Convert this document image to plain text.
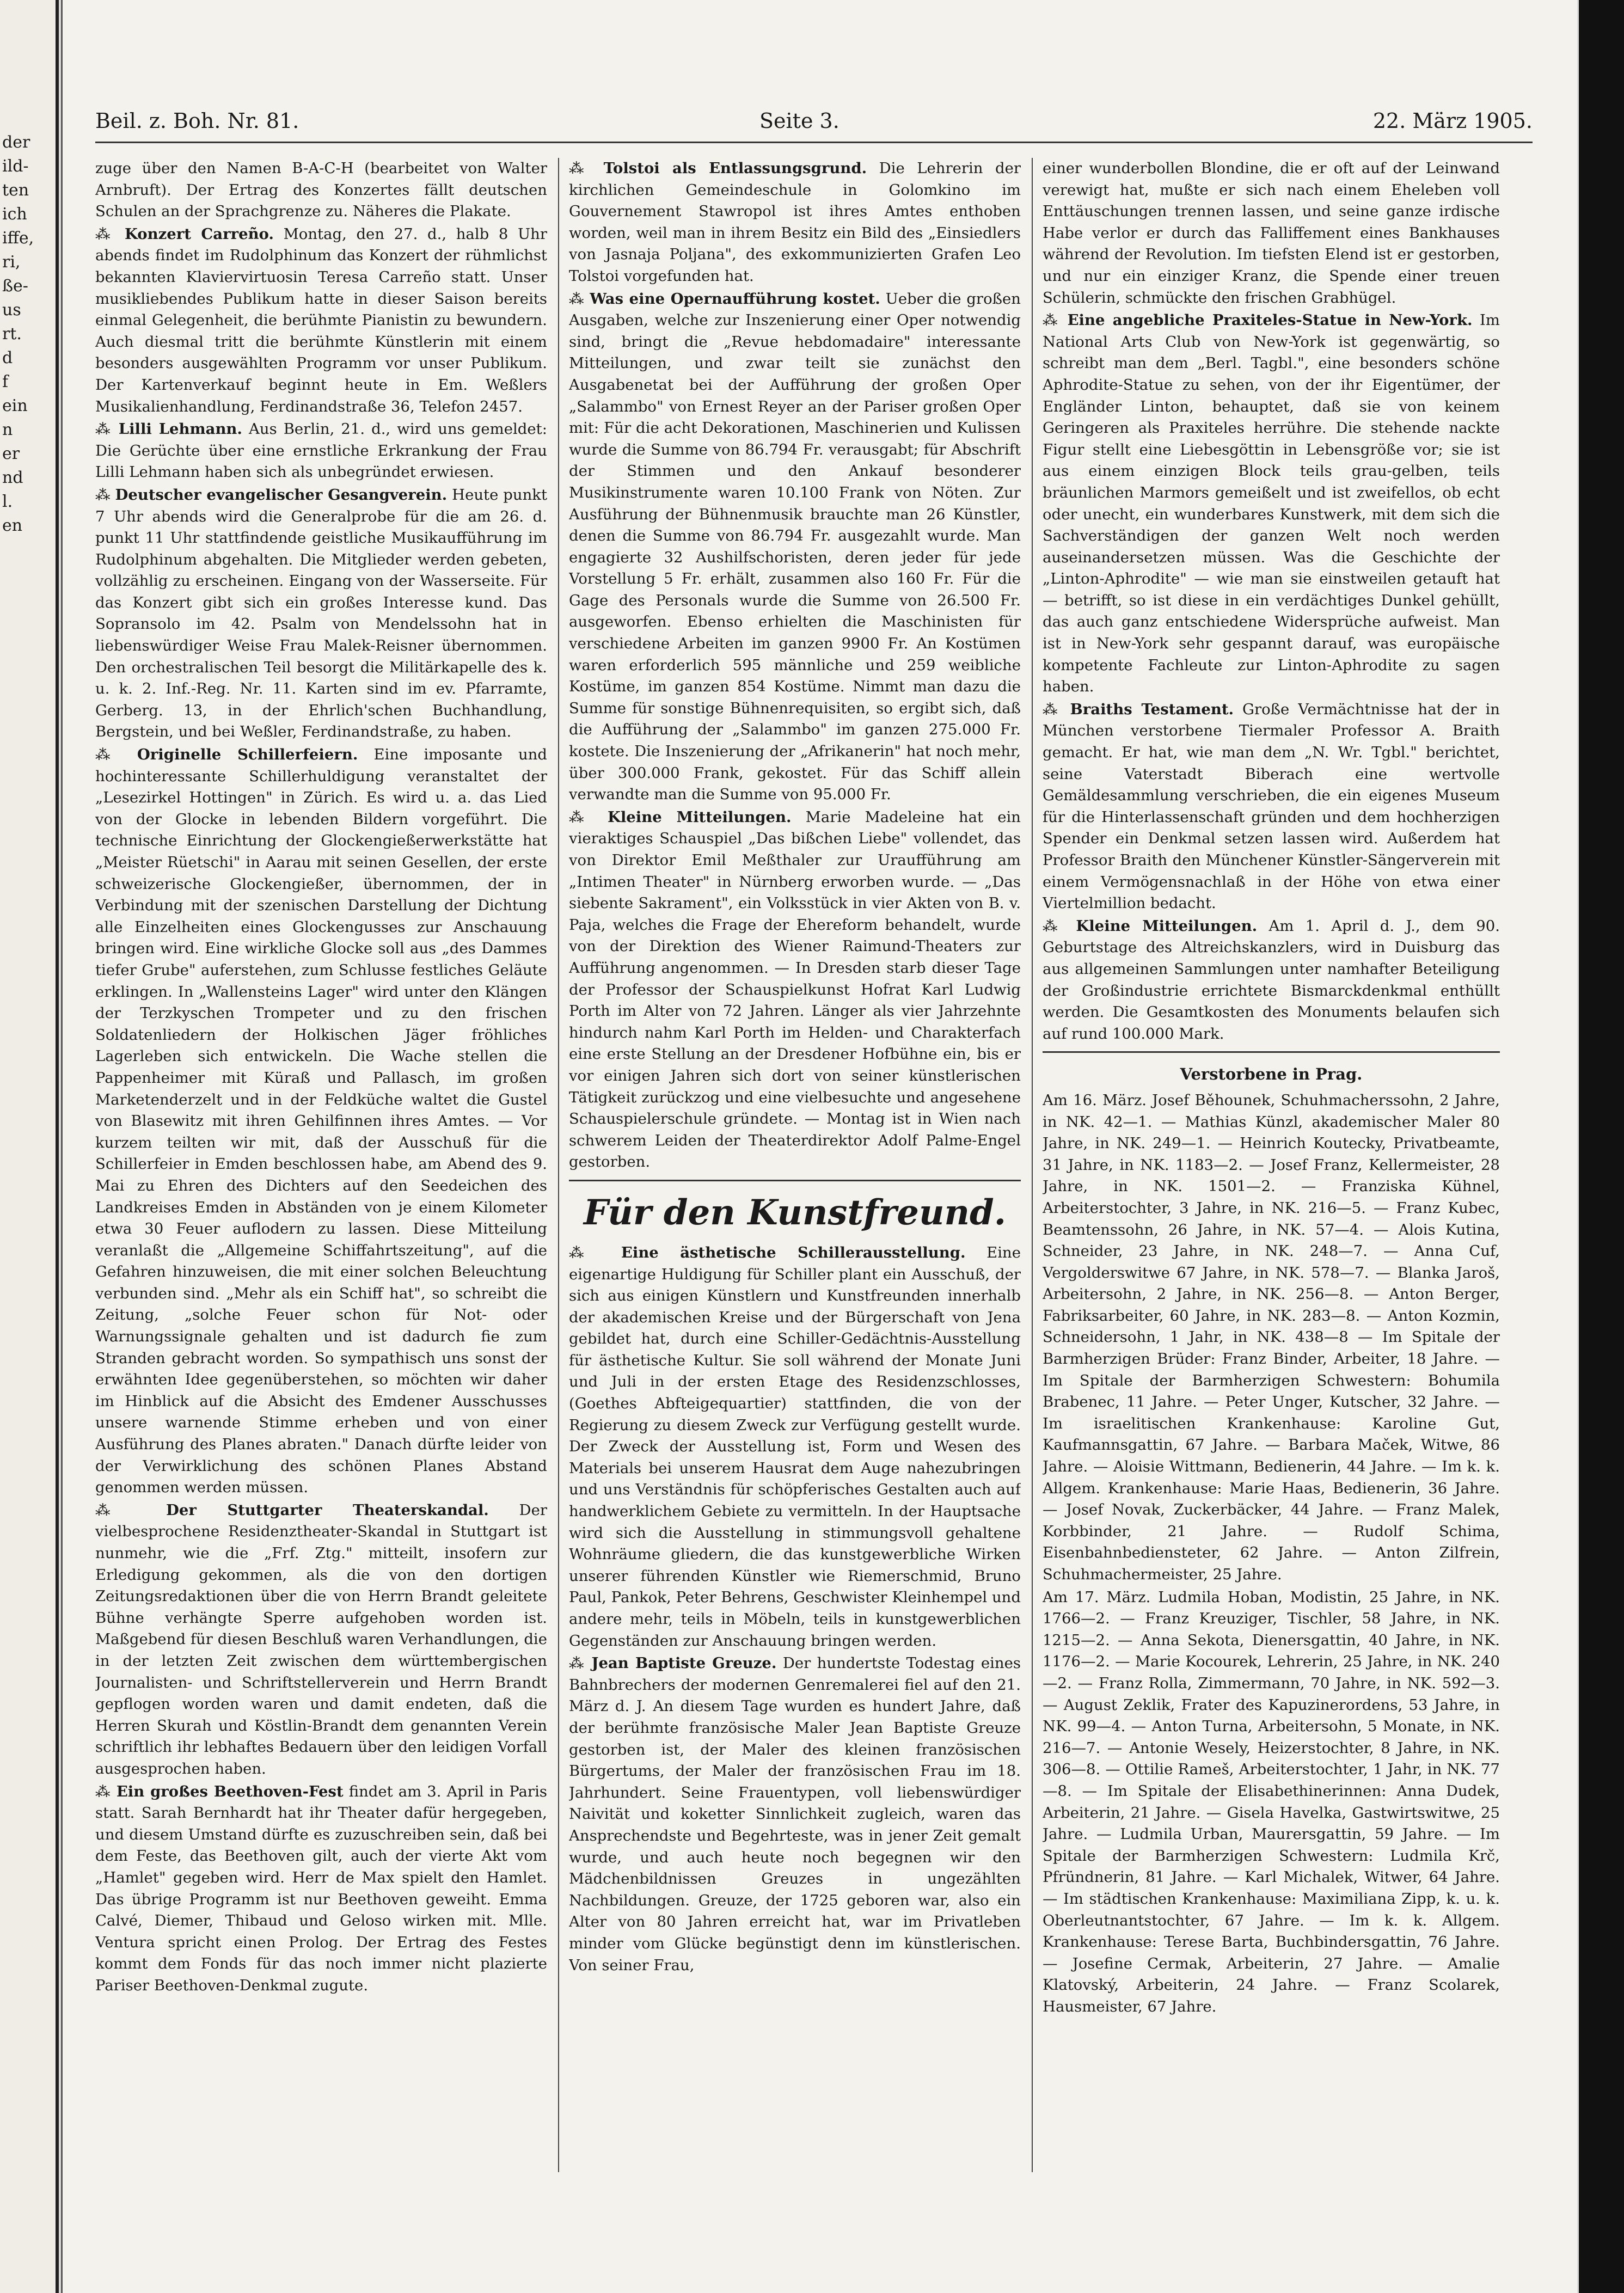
der
ild-
ten
ich
iffe,
ri,
ße-
us
rt.
d
f
ein
n
er
nd
l.
en
Beil. z. Boh. Nr. 81.	Seite 3.	22. März 1905.

zuge über den Namen B-A-C-H (bearbeitet von Walter Arnbruft). Der Ertrag des Konzertes fällt deutschen Schulen an der Sprachgrenze zu. Näheres die Plakate.

⁂ Konzert Carreño. Montag, den 27. d., halb 8 Uhr abends findet im Rudolphinum das Konzert der rühmlichst bekannten Klaviervirtuosin Teresa Carreño statt. Unser musikliebendes Publikum hatte in dieser Saison bereits einmal Gelegenheit, die berühmte Pianistin zu bewundern. Auch diesmal tritt die berühmte Künstlerin mit einem besonders ausgewählten Programm vor unser Publikum. Der Kartenverkauf beginnt heute in Em. Weßlers Musikalienhandlung, Ferdinandstraße 36, Telefon 2457.

⁂ Lilli Lehmann. Aus Berlin, 21. d., wird uns gemeldet: Die Gerüchte über eine ernstliche Erkrankung der Frau Lilli Lehmann haben sich als unbegründet erwiesen.

⁂ Deutscher evangelischer Gesangverein. Heute punkt 7 Uhr abends wird die Generalprobe für die am 26. d. punkt 11 Uhr stattfindende geistliche Musikaufführung im Rudolphinum abgehalten. Die Mitglieder werden gebeten, vollzählig zu erscheinen. Eingang von der Wasserseite. Für das Konzert gibt sich ein großes Interesse kund. Das Sopransolo im 42. Psalm von Mendelssohn hat in liebenswürdiger Weise Frau Malek-Reisner übernommen. Den orchestralischen Teil besorgt die Militärkapelle des k. u. k. 2. Inf.-Reg. Nr. 11. Karten sind im ev. Pfarramte, Gerberg. 13, in der Ehrlich'schen Buchhandlung, Bergstein, und bei Weßler, Ferdinandstraße, zu haben.

⁂ Originelle Schillerfeiern. Eine imposante und hochinteressante Schillerhuldigung veranstaltet der „Lesezirkel Hottingen" in Zürich. Es wird u. a. das Lied von der Glocke in lebenden Bildern vorgeführt. Die technische Einrichtung der Glockengießerwerkstätte hat „Meister Rüetschi" in Aarau mit seinen Gesellen, der erste schweizerische Glockengießer, übernommen, der in Verbindung mit der szenischen Darstellung der Dichtung alle Einzelheiten eines Glockengusses zur Anschauung bringen wird. Eine wirkliche Glocke soll aus „des Dammes tiefer Grube" auferstehen, zum Schlusse festliches Geläute erklingen. In „Wallensteins Lager" wird unter den Klängen der Terzkyschen Trompeter und zu den frischen Soldatenliedern der Holkischen Jäger fröhliches Lagerleben sich entwickeln. Die Wache stellen die Pappenheimer mit Küraß und Pallasch, im großen Marketenderzelt und in der Feldküche waltet die Gustel von Blasewitz mit ihren Gehilfinnen ihres Amtes. — Vor kurzem teilten wir mit, daß der Ausschuß für die Schillerfeier in Emden beschlossen habe, am Abend des 9. Mai zu Ehren des Dichters auf den Seedeichen des Landkreises Emden in Abständen von je einem Kilometer etwa 30 Feuer auflodern zu lassen. Diese Mitteilung veranlaßt die „Allgemeine Schiffahrtszeitung", auf die Gefahren hinzuweisen, die mit einer solchen Beleuchtung verbunden sind. „Mehr als ein Schiff hat", so schreibt die Zeitung, „solche Feuer schon für Not- oder Warnungssignale gehalten und ist dadurch fie zum Stranden gebracht worden. So sympathisch uns sonst der erwähnten Idee gegenüberstehen, so möchten wir daher im Hinblick auf die Absicht des Emdener Ausschusses unsere warnende Stimme erheben und von einer Ausführung des Planes abraten." Danach dürfte leider von der Verwirklichung des schönen Planes Abstand genommen werden müssen.

⁂ Der Stuttgarter Theaterskandal. Der vielbesprochene Residenztheater-Skandal in Stuttgart ist nunmehr, wie die „Frf. Ztg." mitteilt, insofern zur Erledigung gekommen, als die von den dortigen Zeitungsredaktionen über die von Herrn Brandt geleitete Bühne verhängte Sperre aufgehoben worden ist. Maßgebend für diesen Beschluß waren Verhandlungen, die in der letzten Zeit zwischen dem württembergischen Journalisten- und Schriftstellerverein und Herrn Brandt gepflogen worden waren und damit endeten, daß die Herren Skurah und Köstlin-Brandt dem genannten Verein schriftlich ihr lebhaftes Bedauern über den leidigen Vorfall ausgesprochen haben.

⁂ Ein großes Beethoven-Fest findet am 3. April in Paris statt. Sarah Bernhardt hat ihr Theater dafür hergegeben, und diesem Umstand dürfte es zuzuschreiben sein, daß bei dem Feste, das Beethoven gilt, auch der vierte Akt vom „Hamlet" gegeben wird. Herr de Max spielt den Hamlet. Das übrige Programm ist nur Beethoven geweiht. Emma Calvé, Diemer, Thibaud und Geloso wirken mit. Mlle. Ventura spricht einen Prolog. Der Ertrag des Festes kommt dem Fonds für das noch immer nicht plazierte Pariser Beethoven-Denkmal zugute.

⁂ Tolstoi als Entlassungsgrund. Die Lehrerin der kirchlichen Gemeindeschule in Golomkino im Gouvernement Stawropol ist ihres Amtes enthoben worden, weil man in ihrem Besitz ein Bild des „Einsiedlers von Jasnaja Poljana", des exkommunizierten Grafen Leo Tolstoi vorgefunden hat.

⁂ Was eine Opernaufführung kostet. Ueber die großen Ausgaben, welche zur Inszenierung einer Oper notwendig sind, bringt die „Revue hebdomadaire" interessante Mitteilungen, und zwar teilt sie zunächst den Ausgabenetat bei der Aufführung der großen Oper „Salammbo" von Ernest Reyer an der Pariser großen Oper mit: Für die acht Dekorationen, Maschinerien und Kulissen wurde die Summe von 86.794 Fr. verausgabt; für Abschrift der Stimmen und den Ankauf besonderer Musikinstrumente waren 10.100 Frank von Nöten. Zur Ausführung der Bühnenmusik brauchte man 26 Künstler, denen die Summe von 86.794 Fr. ausgezahlt wurde. Man engagierte 32 Aushilfschoristen, deren jeder für jede Vorstellung 5 Fr. erhält, zusammen also 160 Fr. Für die Gage des Personals wurde die Summe von 26.500 Fr. ausgeworfen. Ebenso erhielten die Maschinisten für verschiedene Arbeiten im ganzen 9900 Fr. An Kostümen waren erforderlich 595 männliche und 259 weibliche Kostüme, im ganzen 854 Kostüme. Nimmt man dazu die Summe für sonstige Bühnenrequisiten, so ergibt sich, daß die Aufführung der „Salammbo" im ganzen 275.000 Fr. kostete. Die Inszenierung der „Afrikanerin" hat noch mehr, über 300.000 Frank, gekostet. Für das Schiff allein verwandte man die Summe von 95.000 Fr.

⁂ Kleine Mitteilungen. Marie Madeleine hat ein vieraktiges Schauspiel „Das bißchen Liebe" vollendet, das von Direktor Emil Meßthaler zur Uraufführung am „Intimen Theater" in Nürnberg erworben wurde. — „Das siebente Sakrament", ein Volksstück in vier Akten von B. v. Paja, welches die Frage der Ehereform behandelt, wurde von der Direktion des Wiener Raimund-Theaters zur Aufführung angenommen. — In Dresden starb dieser Tage der Professor der Schauspielkunst Hofrat Karl Ludwig Porth im Alter von 72 Jahren. Länger als vier Jahrzehnte hindurch nahm Karl Porth im Helden- und Charakterfach eine erste Stellung an der Dresdener Hofbühne ein, bis er vor einigen Jahren sich dort von seiner künstlerischen Tätigkeit zurückzog und eine vielbesuchte und angesehene Schauspielerschule gründete. — Montag ist in Wien nach schwerem Leiden der Theaterdirektor Adolf Palme-Engel gestorben.

Für den Kunstfreund.

⁂ Eine ästhetische Schillerausstellung. Eine eigenartige Huldigung für Schiller plant ein Ausschuß, der sich aus einigen Künstlern und Kunstfreunden innerhalb der akademischen Kreise und der Bürgerschaft von Jena gebildet hat, durch eine Schiller-Gedächtnis-Ausstellung für ästhetische Kultur. Sie soll während der Monate Juni und Juli in der ersten Etage des Residenzschlosses, (Goethes Abfteigequartier) stattfinden, die von der Regierung zu diesem Zweck zur Verfügung gestellt wurde. Der Zweck der Ausstellung ist, Form und Wesen des Materials bei unserem Hausrat dem Auge nahezubringen und uns Verständnis für schöpferisches Gestalten auch auf handwerklichem Gebiete zu vermitteln. In der Hauptsache wird sich die Ausstellung in stimmungsvoll gehaltene Wohnräume gliedern, die das kunstgewerbliche Wirken unserer führenden Künstler wie Riemerschmid, Bruno Paul, Pankok, Peter Behrens, Geschwister Kleinhempel und andere mehr, teils in Möbeln, teils in kunstgewerblichen Gegenständen zur Anschauung bringen werden.

⁂ Jean Baptiste Greuze. Der hundertste Todestag eines Bahnbrechers der modernen Genremalerei fiel auf den 21. März d. J. An diesem Tage wurden es hundert Jahre, daß der berühmte französische Maler Jean Baptiste Greuze gestorben ist, der Maler des kleinen französischen Bürgertums, der Maler der französischen Frau im 18. Jahrhundert. Seine Frauentypen, voll liebenswürdiger Naivität und koketter Sinnlichkeit zugleich, waren das Ansprechendste und Begehrteste, was in jener Zeit gemalt wurde, und auch heute noch begegnen wir den Mädchenbildnissen Greuzes in ungezählten Nachbildungen. Greuze, der 1725 geboren war, also ein Alter von 80 Jahren erreicht hat, war im Privatleben minder vom Glücke begünstigt denn im künstlerischen. Von seiner Frau,

einer wunderbollen Blondine, die er oft auf der Leinwand verewigt hat, mußte er sich nach einem Eheleben voll Enttäuschungen trennen lassen, und seine ganze irdische Habe verlor er durch das Falliffement eines Bankhauses während der Revolution. Im tiefsten Elend ist er gestorben, und nur ein einziger Kranz, die Spende einer treuen Schülerin, schmückte den frischen Grabhügel.

⁂ Eine angebliche Praxiteles-Statue in New-York. Im National Arts Club von New-York ist gegenwärtig, so schreibt man dem „Berl. Tagbl.", eine besonders schöne Aphrodite-Statue zu sehen, von der ihr Eigentümer, der Engländer Linton, behauptet, daß sie von keinem Geringeren als Praxiteles herrühre. Die stehende nackte Figur stellt eine Liebesgöttin in Lebensgröße vor; sie ist aus einem einzigen Block teils grau-gelben, teils bräunlichen Marmors gemeißelt und ist zweifellos, ob echt oder unecht, ein wunderbares Kunstwerk, mit dem sich die Sachverständigen der ganzen Welt noch werden auseinandersetzen müssen. Was die Geschichte der „Linton-Aphrodite" — wie man sie einstweilen getauft hat — betrifft, so ist diese in ein verdächtiges Dunkel gehüllt, das auch ganz entschiedene Widersprüche aufweist. Man ist in New-York sehr gespannt darauf, was europäische kompetente Fachleute zur Linton-Aphrodite zu sagen haben.

⁂ Braiths Testament. Große Vermächtnisse hat der in München verstorbene Tiermaler Professor A. Braith gemacht. Er hat, wie man dem „N. Wr. Tgbl." berichtet, seine Vaterstadt Biberach eine wertvolle Gemäldesammlung verschrieben, die ein eigenes Museum für die Hinterlassenschaft gründen und dem hochherzigen Spender ein Denkmal setzen lassen wird. Außerdem hat Professor Braith den Münchener Künstler-Sängerverein mit einem Vermögensnachlaß in der Höhe von etwa einer Viertelmillion bedacht.

⁂ Kleine Mitteilungen. Am 1. April d. J., dem 90. Geburtstage des Altreichskanzlers, wird in Duisburg das aus allgemeinen Sammlungen unter namhafter Beteiligung der Großindustrie errichtete Bismarckdenkmal enthüllt werden. Die Gesamtkosten des Monuments belaufen sich auf rund 100.000 Mark.

Verstorbene in Prag.

Am 16. März. Josef Běhounek, Schuhmacherssohn, 2 Jahre, in NK. 42—1. — Mathias Künzl, akademischer Maler 80 Jahre, in NK. 249—1. — Heinrich Koutecky, Privatbeamte, 31 Jahre, in NK. 1183—2. — Josef Franz, Kellermeister, 28 Jahre, in NK. 1501—2. — Franziska Kühnel, Arbeiterstochter, 3 Jahre, in NK. 216—5. — Franz Kubec, Beamtenssohn, 26 Jahre, in NK. 57—4. — Alois Kutina, Schneider, 23 Jahre, in NK. 248—7. — Anna Cuf, Vergolderswitwe 67 Jahre, in NK. 578—7. — Blanka Jaroš, Arbeitersohn, 2 Jahre, in NK. 256—8. — Anton Berger, Fabriksarbeiter, 60 Jahre, in NK. 283—8. — Anton Kozmin, Schneidersohn, 1 Jahr, in NK. 438—8 — Im Spitale der Barmherzigen Brüder: Franz Binder, Arbeiter, 18 Jahre. — Im Spitale der Barmherzigen Schwestern: Bohumila Brabenec, 11 Jahre. — Peter Unger, Kutscher, 32 Jahre. — Im israelitischen Krankenhause: Karoline Gut, Kaufmannsgattin, 67 Jahre. — Barbara Maček, Witwe, 86 Jahre. — Aloisie Wittmann, Bedienerin, 44 Jahre. — Im k. k. Allgem. Krankenhause: Marie Haas, Bedienerin, 36 Jahre. — Josef Novak, Zuckerbäcker, 44 Jahre. — Franz Malek, Korbbinder, 21 Jahre. — Rudolf Schima, Eisenbahnbediensteter, 62 Jahre. — Anton Zilfrein, Schuhmachermeister, 25 Jahre.

Am 17. März. Ludmila Hoban, Modistin, 25 Jahre, in NK. 1766—2. — Franz Kreuziger, Tischler, 58 Jahre, in NK. 1215—2. — Anna Sekota, Dienersgattin, 40 Jahre, in NK. 1176—2. — Marie Kocourek, Lehrerin, 25 Jahre, in NK. 240—2. — Franz Rolla, Zimmermann, 70 Jahre, in NK. 592—3. — August Zeklik, Frater des Kapuzinerordens, 53 Jahre, in NK. 99—4. — Anton Turna, Arbeitersohn, 5 Monate, in NK. 216—7. — Antonie Wesely, Heizerstochter, 8 Jahre, in NK. 306—8. — Ottilie Rameš, Arbeiterstochter, 1 Jahr, in NK. 77—8. — Im Spitale der Elisabethinerinnen: Anna Dudek, Arbeiterin, 21 Jahre. — Gisela Havelka, Gastwirtswitwe, 25 Jahre. — Ludmila Urban, Maurersgattin, 59 Jahre. — Im Spitale der Barmherzigen Schwestern: Ludmila Krč, Pfründnerin, 81 Jahre. — Karl Michalek, Witwer, 64 Jahre. — Im städtischen Krankenhause: Maximiliana Zipp, k. u. k. Oberleutnantstochter, 67 Jahre. — Im k. k. Allgem. Krankenhause: Terese Barta, Buchbindersgattin, 76 Jahre. — Josefine Cermak, Arbeiterin, 27 Jahre. — Amalie Klatovský, Arbeiterin, 24 Jahre. — Franz Scolarek, Hausmeister, 67 Jahre.
